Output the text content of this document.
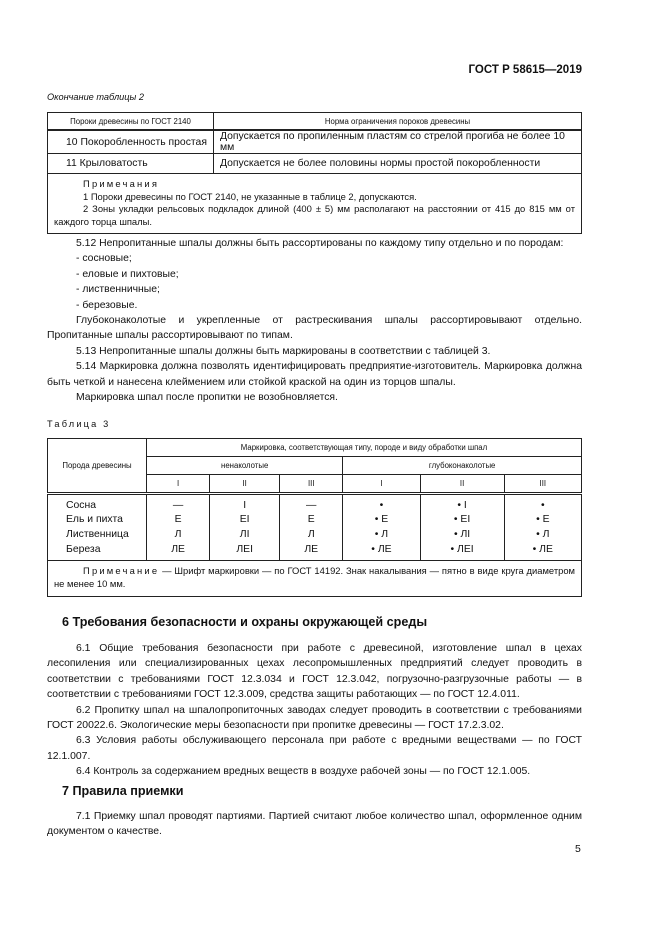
ГОСТ Р 58615—2019
Окончание таблицы 2
Пороки древесины по ГОСТ 2140	Норма ограничения пороков древесины
10 Покоробленность простая	Допускается по пропиленным пластям со стрелой прогиба не более 10 мм
11 Крыловатость	Допускается не более половины нормы простой покоробленности

Примечания
1 Пороки древесины по ГОСТ 2140, не указанные в таблице 2, допускаются.
2 Зоны укладки рельсовых подкладок длиной (400 ± 5) мм располагают на расстоянии от 415 до 815 мм от каждого торца шпалы.	

5.12 Непропитанные шпалы должны быть рассортированы по каждому типу отдельно и по породам:

- сосновые;

- еловые и пихтовые;

- лиственничные;

- березовые.

Глубоконаколотые и укрепленные от растрескивания шпалы рассортировывают отдельно. Пропитанные шпалы рассортировывают по типам.

5.13 Непропитанные шпалы должны быть маркированы в соответствии с таблицей 3.

5.14 Маркировка должна позволять идентифицировать предприятие-изготовитель. Маркировка должна быть четкой и нанесена клеймением или стойкой краской на один из торцов шпалы.

Маркировка шпал после пропитки не возобновляется.

Таблица 3
Порода древесины	Маркировка, соответствующая типу, породе и виду обработки шпал					
	ненаколотые			глубоконаколотые		
	I	II	III	I	II	III
Сосна	—	I	—	•	• I	•
Ель и пихта	Е	ЕI	Е	• Е	• ЕI	• Е
Лиственница	Л	ЛI	Л	• Л	• ЛI	• Л
Береза	ЛЕ	ЛЕI	ЛЕ	• ЛЕ	• ЛЕI	• ЛЕ

Примечание — Шрифт маркировки — по ГОСТ 14192. Знак накалывания — пятно в виде круга диаметром не менее 10 мм.						
6 Требования безопасности и охраны окружающей среды

6.1 Общие требования безопасности при работе с древесиной, изготовление шпал в цехах лесопиления или специализированных цехах лесопромышленных предприятий следует проводить в соответствии с требованиями ГОСТ 12.3.034 и ГОСТ 12.3.042, погрузочно-разгрузочные работы — в соответствии с требованиями ГОСТ 12.3.009, средства защиты работающих — по ГОСТ 12.4.011.

6.2 Пропитку шпал на шпалопропиточных заводах следует проводить в соответствии с требованиями ГОСТ 20022.6. Экологические меры безопасности при пропитке древесины — ГОСТ 17.2.3.02.

6.3 Условия работы обслуживающего персонала при работе с вредными веществами — по ГОСТ 12.1.007.

6.4 Контроль за содержанием вредных веществ в воздухе рабочей зоны — по ГОСТ 12.1.005.

7 Правила приемки

7.1 Приемку шпал проводят партиями. Партией считают любое количество шпал, оформленное одним документом о качестве.

5
